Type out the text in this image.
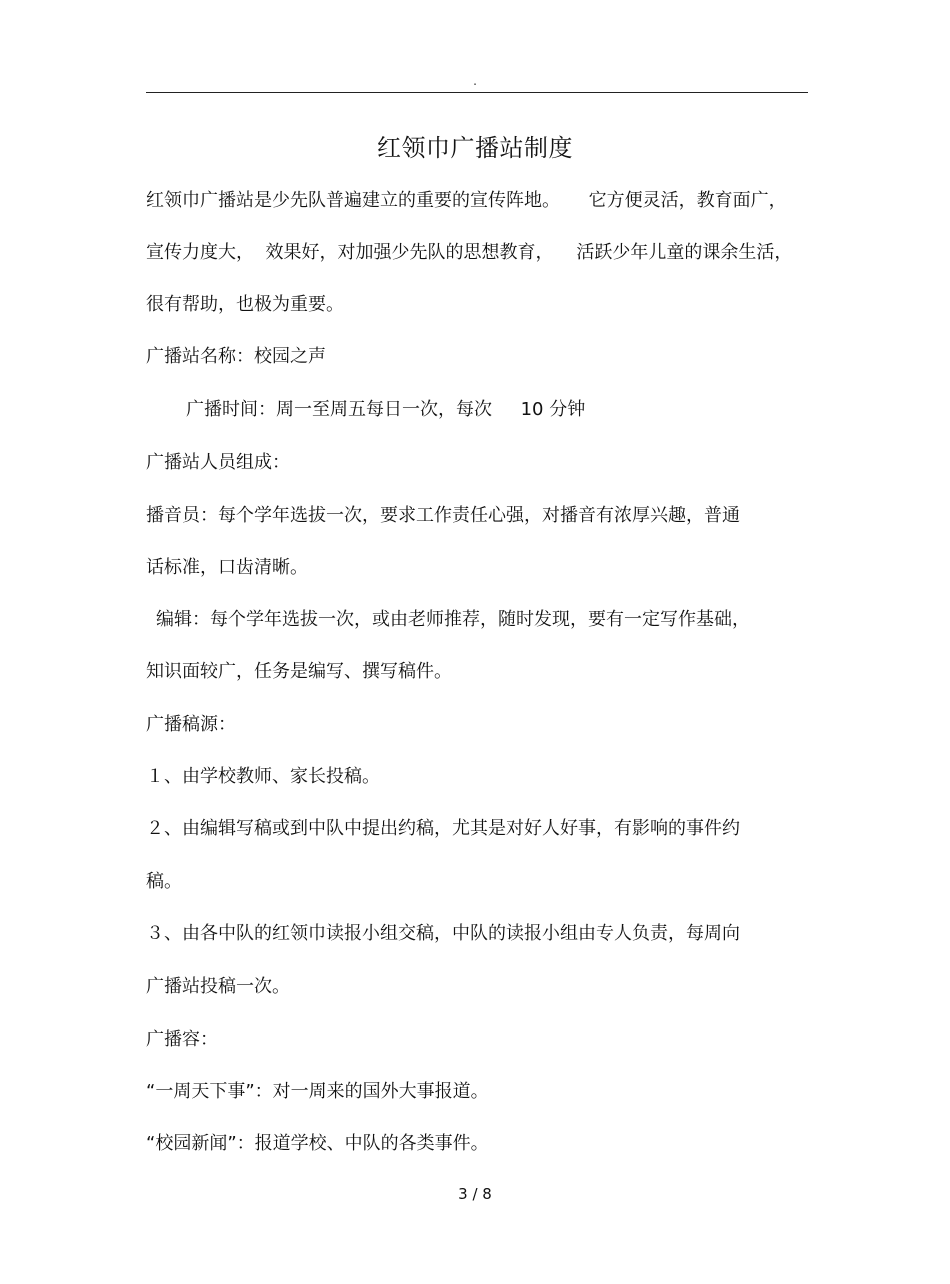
.
红领巾广播站制度
红领巾广播站是少先队普遍建立的重要的宣传阵地。     它方便灵活，教育面广，
宣传力度大，  效果好，对加强少先队的思想教育，    活跃少年儿童的课余生活，
很有帮助，也极为重要。
广播站名称：校园之声
广播时间：周一至周五每日一次，每次     10 分钟
广播站人员组成：
播音员：每个学年选拔一次，要求工作责任心强，对播音有浓厚兴趣，普通
话标准，口齿清晰。
编辑：每个学年选拔一次，或由老师推荐，随时发现，要有一定写作基础，
知识面较广，任务是编写、撰写稿件。
广播稿源：
１、由学校教师、家长投稿。
２、由编辑写稿或到中队中提出约稿，尤其是对好人好事，有影响的事件约
稿。
３、由各中队的红领巾读报小组交稿，中队的读报小组由专人负责，每周向
广播站投稿一次。
广播容：
“一周天下事”：对一周来的国外大事报道。
“校园新闻”：报道学校、中队的各类事件。
3 / 8
